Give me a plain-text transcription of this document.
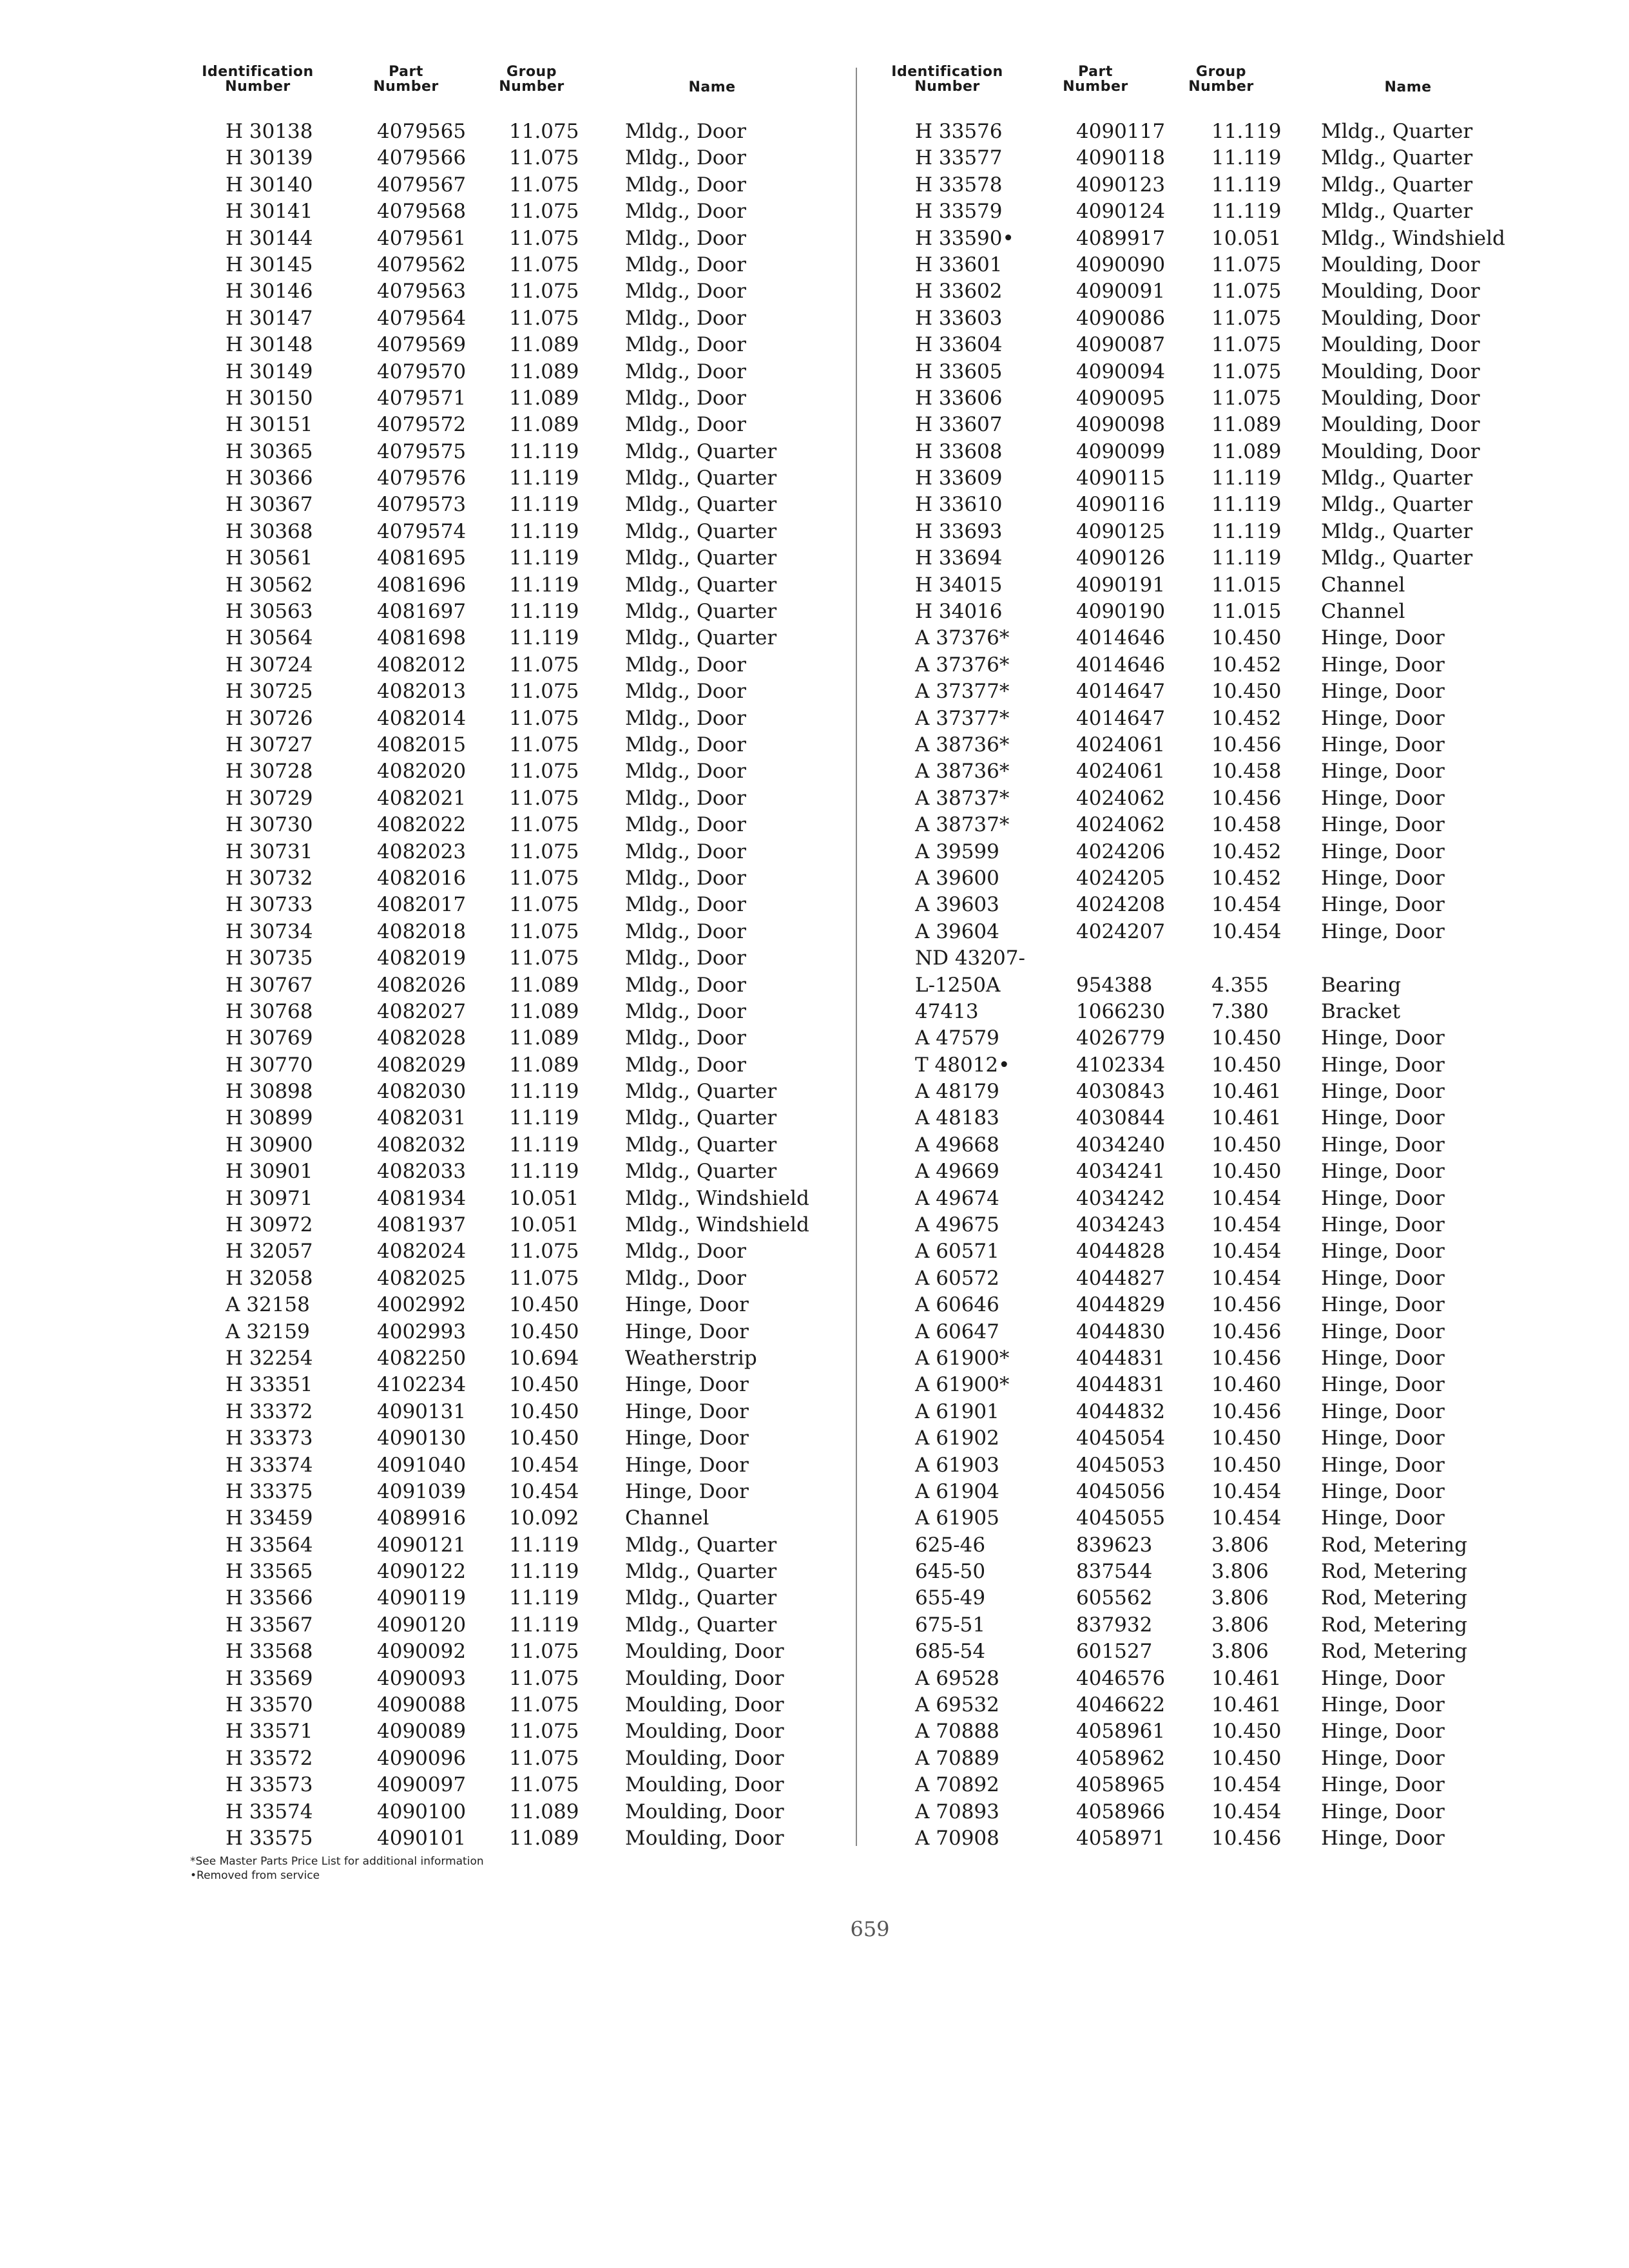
Identification Number
Part Number
Group Number	Name
H 30138	4079565 11.075 Mldg., Door
H 30139	4079566 11.075 Mldg., Door
H 30140	4079567 11.075 Mldg., Door
H 30141	4079568 11.075 Mldg., Door
H 30144	4079561 11.075 Mldg., Door
H 30145	4079562 11.075 Mldg., Door
H 30146	4079563 11.075 Mldg., Door
H 30147	4079564 11.075 Mldg., Door
H 30148	4079569 11.089 Mldg., Door
H 30149	4079570 11.089 Mldg., Door
H 30150	4079571 11.089 Mldg., Door
H 30151	4079572 11.089 Mldg., Door
H 30365	4079575 11.119 Mldg., Quarter
H 30366	4079576 11.119 Mldg., Quarter
H 30367	4079573 11.119 Mldg., Quarter
H 30368	4079574 11.119 Mldg., Quarter
H 30561	4081695 11.119 Mldg., Quarter
H 30562	4081696 11.119 Mldg., Quarter
H 30563	4081697 11.119 Mldg., Quarter
H 30564	4081698 11.119 Mldg., Quarter
H 30724	4082012 11.075 Mldg., Door
H 30725	4082013 11.075 Mldg., Door
H 30726	4082014 11.075 Mldg., Door
H 30727	4082015 11.075 Mldg., Door
H 30728	4082020 11.075 Mldg., Door
H 30729	4082021 11.075 Mldg., Door
H 30730	4082022 11.075 Mldg., Door
H 30731	4082023 11.075 Mldg., Door
H 30732	4082016 11.075 Mldg., Door
H 30733	4082017 11.075 Mldg., Door
H 30734	4082018 11.075 Mldg., Door
H 30735	4082019 11.075 Mldg., Door
H 30767	4082026 11.089 Mldg., Door
H 30768	4082027 11.089 Mldg., Door
H 30769	4082028 11.089 Mldg., Door
H 30770	4082029 11.089 Mldg., Door
H 30898	4082030 11.119 Mldg., Quarter
H 30899	4082031 11.119 Mldg., Quarter
H 30900	4082032 11.119 Mldg., Quarter
H 30901	4082033 11.119 Mldg., Quarter
H 30971	4081934 10.051 Mldg., Windshield
H 30972	4081937 10.051 Mldg., Windshield
H 32057	4082024 11.075 Mldg., Door
H 32058	4082025 11.075 Mldg., Door
A 32158	4002992 10.450 Hinge, Door
A 32159	4002993 10.450 Hinge, Door
H 32254	4082250 10.694 Weatherstrip
H 33351	4102234 10.450 Hinge, Door
H 33372	4090131 10.450 Hinge, Door
H 33373	4090130 10.450 Hinge, Door
H 33374	4091040 10.454 Hinge, Door
H 33375	4091039 10.454 Hinge, Door
H 33459	4089916 10.092 Channel
H 33564	4090121 11.119 Mldg., Quarter
H 33565	4090122 11.119 Mldg., Quarter
H 33566	4090119 11.119 Mldg., Quarter
H 33567	4090120 11.119 Mldg., Quarter
H 33568	4090092 11.075 Moulding, Door
H 33569	4090093 11.075 Moulding, Door
H 33570	4090088 11.075 Moulding, Door
H 33571	4090089 11.075 Moulding, Door
H 33572	4090096 11.075 Moulding, Door
H 33573	4090097 11.075 Moulding, Door
H 33574	4090100 11.089 Moulding, Door
H 33575	4090101 11.089 Moulding, Door
Identification Number
Part Number
Group Number	Name
H 33576	4090117 11.119 Mldg., Quarter
H 33577	4090118 11.119 Mldg., Quarter
H 33578	4090123 11.119 Mldg., Quarter
H 33579	4090124 11.119 Mldg., Quarter
H 33590•	4089917 10.051 Mldg., Windshield
H 33601	4090090 11.075 Moulding, Door
H 33602	4090091 11.075 Moulding, Door
H 33603	4090086 11.075 Moulding, Door
H 33604	4090087 11.075 Moulding, Door
H 33605	4090094 11.075 Moulding, Door
H 33606	4090095 11.075 Moulding, Door
H 33607	4090098 11.089 Moulding, Door
H 33608	4090099 11.089 Moulding, Door
H 33609	4090115 11.119 Mldg., Quarter
H 33610	4090116 11.119 Mldg., Quarter
H 33693	4090125 11.119 Mldg., Quarter
H 33694	4090126 11.119 Mldg., Quarter
H 34015	4090191 11.015 Channel
H 34016	4090190 11.015 Channel
A 37376*	4014646 10.450 Hinge, Door
A 37376*	4014646 10.452 Hinge, Door
A 37377*	4014647 10.450 Hinge, Door
A 37377*	4014647 10.452 Hinge, Door
A 38736*	4024061 10.456 Hinge, Door
A 38736*	4024061 10.458 Hinge, Door
A 38737*	4024062 10.456 Hinge, Door
A 38737*	4024062 10.458 Hinge, Door
A 39599	4024206 10.452 Hinge, Door
A 39600	4024205 10.452 Hinge, Door
A 39603	4024208 10.454 Hinge, Door
A 39604	4024207 10.454 Hinge, Door
ND 43207-
L-1250A	954388	4.355	Bearing
47413	1066230 7.380	Bracket
A 47579	4026779 10.450 Hinge, Door
T 48012•	4102334 10.450 Hinge, Door
A 48179	4030843 10.461 Hinge, Door
A 48183	4030844 10.461 Hinge, Door
A 49668	4034240 10.450 Hinge, Door
A 49669	4034241 10.450 Hinge, Door
A 49674	4034242 10.454 Hinge, Door
A 49675	4034243 10.454 Hinge, Door
A 60571	4044828 10.454 Hinge, Door
A 60572	4044827 10.454 Hinge, Door
A 60646	4044829 10.456 Hinge, Door
A 60647	4044830 10.456 Hinge, Door
A 61900*	4044831 10.456 Hinge, Door
A 61900*	4044831 10.460 Hinge, Door
A 61901	4044832 10.456 Hinge, Door
A 61902	4045054 10.450 Hinge, Door
A 61903	4045053 10.450 Hinge, Door
A 61904	4045056 10.454 Hinge, Door
A 61905	4045055 10.454 Hinge, Door
625-46	839623	3.806	Rod, Metering
645-50	837544	3.806	Rod, Metering
655-49	605562	3.806	Rod, Metering
675-51	837932	3.806	Rod, Metering
685-54	601527	3.806	Rod, Metering
A 69528	4046576 10.461 Hinge, Door
A 69532	4046622 10.461 Hinge, Door
A 70888	4058961 10.450 Hinge, Door
A 70889	4058962 10.450 Hinge, Door
A 70892	4058965 10.454 Hinge, Door
A 70893	4058966 10.454 Hinge, Door
A 70908	4058971 10.456 Hinge, Door
*See Master Parts Price List for additional information
•Removed from service
659
